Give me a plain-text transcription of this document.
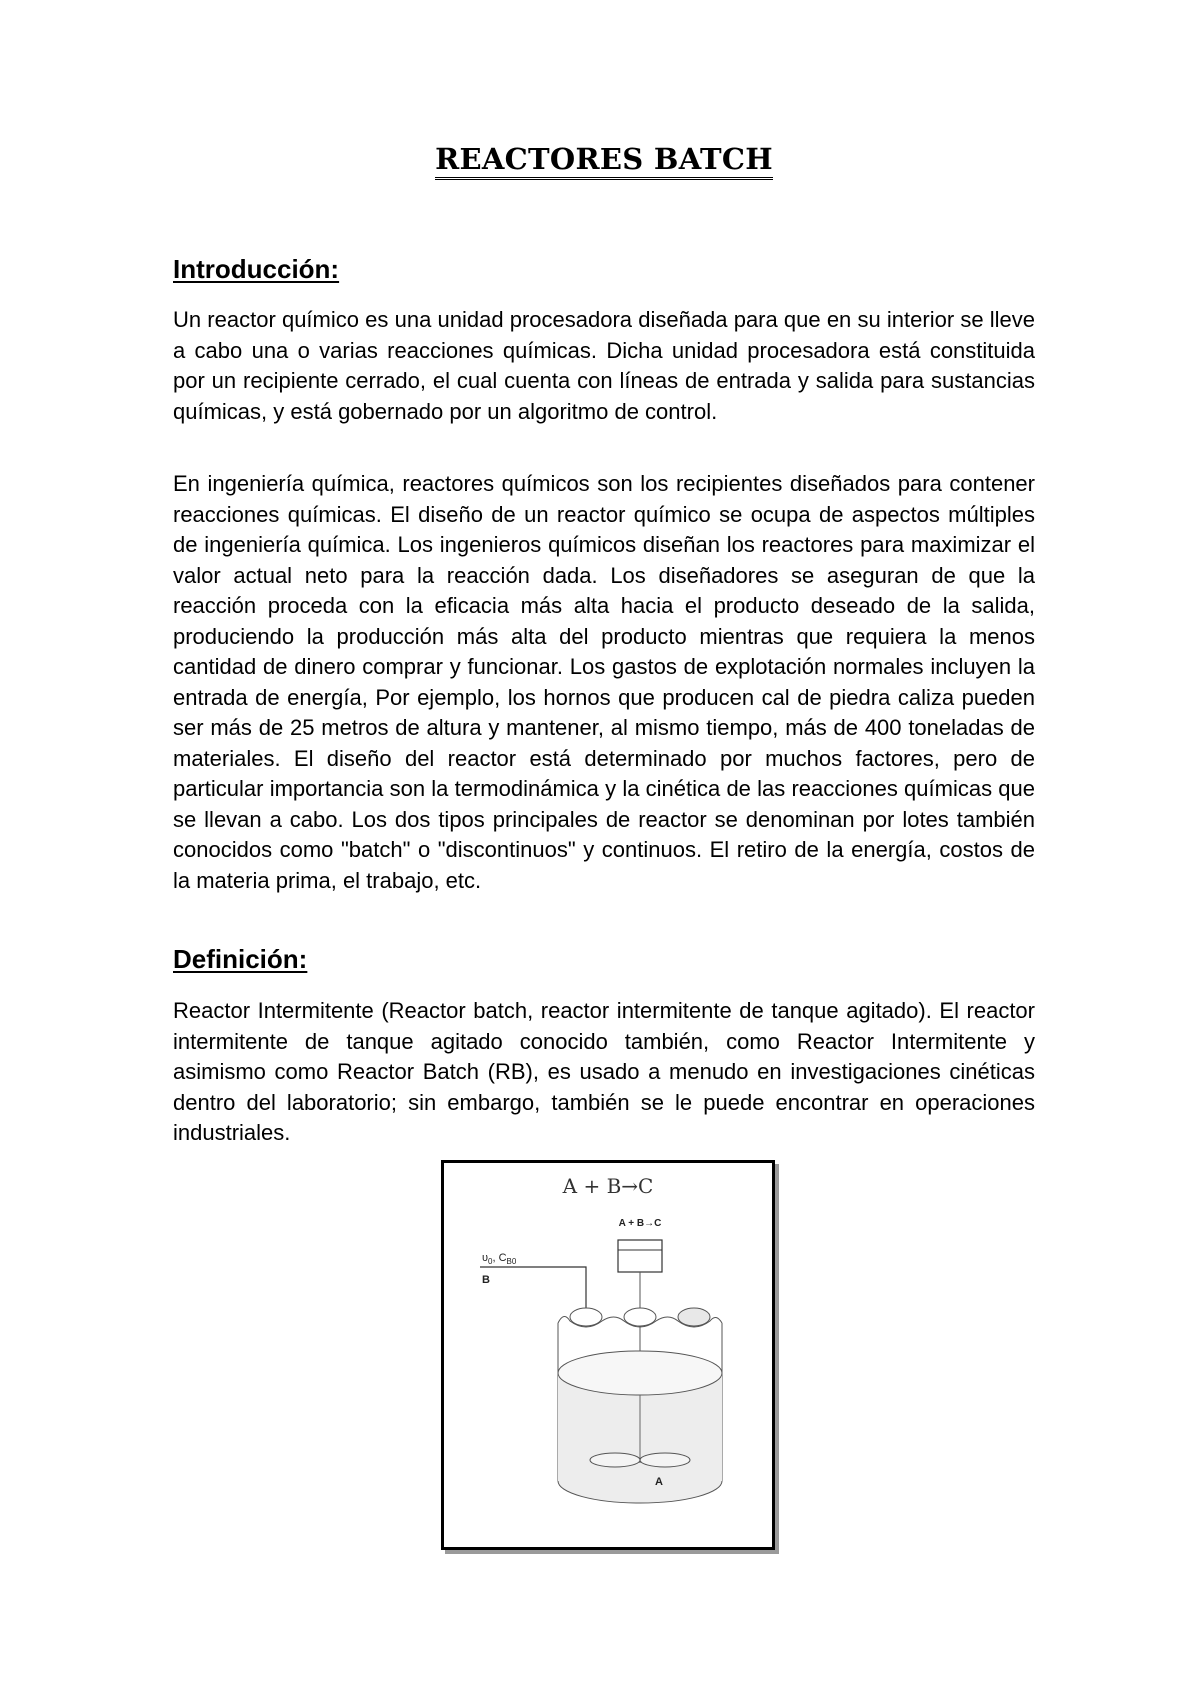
REACTORES BATCH
Introducción:

Un reactor químico es una unidad procesadora diseñada para que en su interior se lleve a cabo una o varias reacciones químicas. Dicha unidad procesadora está constituida por un recipiente cerrado, el cual cuenta con líneas de entrada y salida para sustancias químicas, y está gobernado por un algoritmo de control.

En ingeniería química, reactores químicos son los recipientes diseñados para contener reacciones químicas. El diseño de un reactor químico se ocupa de aspectos múltiples de ingeniería química. Los ingenieros químicos diseñan los reactores para maximizar el valor actual neto para la reacción dada. Los diseñadores se aseguran de que la reacción proceda con la eficacia más alta hacia el producto deseado de la salida, produciendo la producción más alta del producto mientras que requiera la menos cantidad de dinero comprar y funcionar. Los gastos de explotación normales incluyen la entrada de energía, Por ejemplo, los hornos que producen cal de piedra caliza pueden ser más de 25 metros de altura y mantener, al mismo tiempo, más de 400 toneladas de materiales. El diseño del reactor está determinado por muchos factores, pero de particular importancia son la termodinámica y la cinética de las reacciones químicas que se llevan a cabo. Los dos tipos principales de reactor se denominan por lotes también conocidos como "batch" o "discontinuos" y continuos. El retiro de la energía, costos de la materia prima, el trabajo, etc.

Definición:

Reactor Intermitente (Reactor batch, reactor intermitente de tanque agitado). El reactor intermitente de tanque agitado conocido también, como Reactor Intermitente y asimismo como Reactor Batch (RB), es usado a menudo en investigaciones cinéticas dentro del laboratorio; sin embargo, también se le puede encontrar en operaciones industriales.

A + B→C
A + B→C
$\upsilon_0$, $C_{B0}$
B
A
